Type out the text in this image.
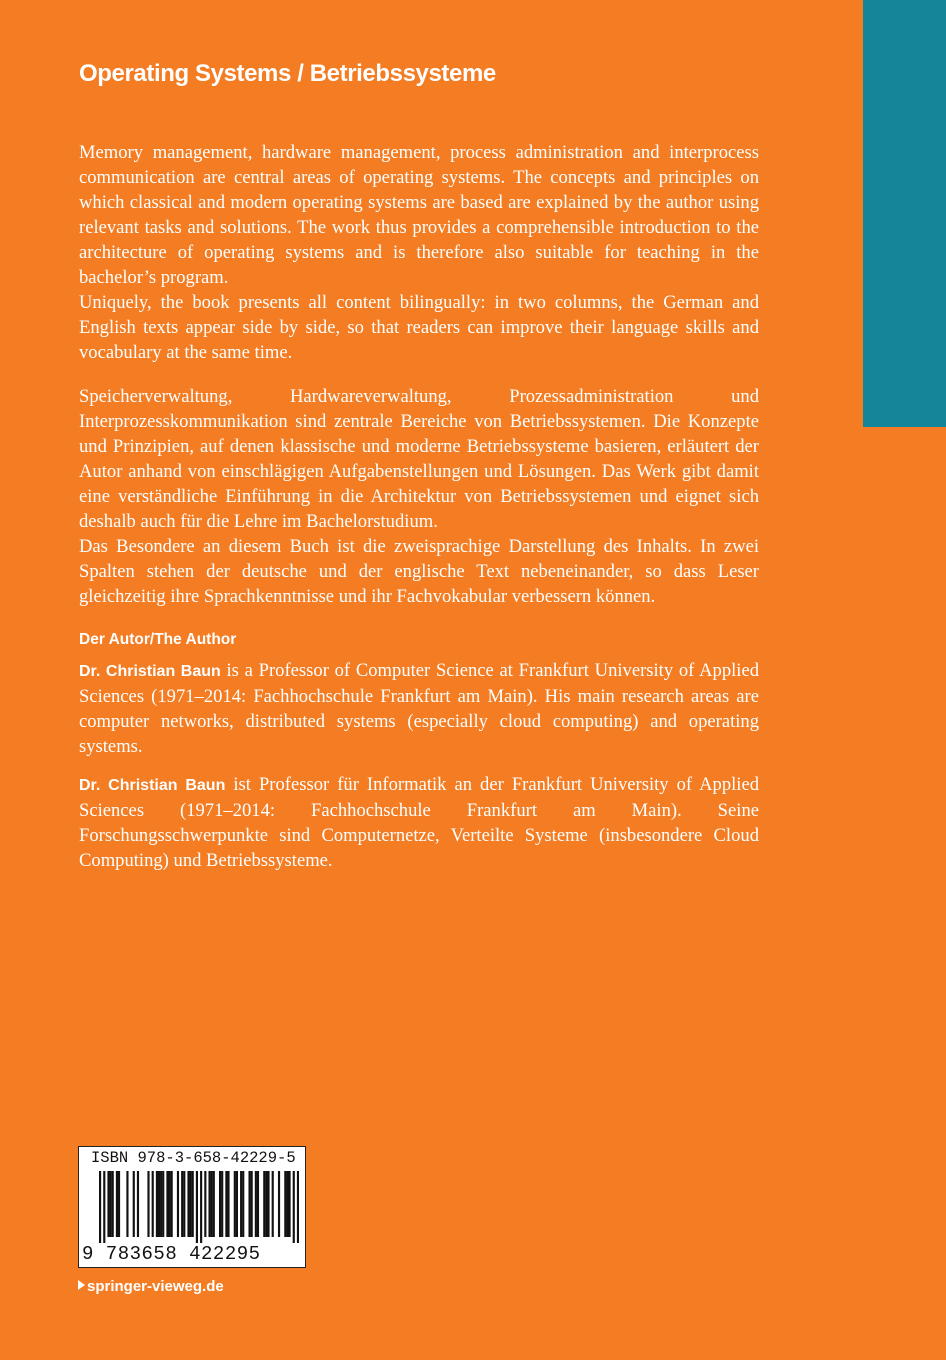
Operating Systems / Betriebssysteme

Memory management, hardware management, process administration and interprocess communication are central areas of operating systems. The concepts and principles on which classical and modern operating systems are based are explained by the author using relevant tasks and solutions. The work thus provides a comprehensible introduction to the architecture of operating systems and is therefore also suitable for teaching in the bachelor’s program.

Uniquely, the book presents all content bilingually: in two columns, the German and English texts appear side by side, so that readers can improve their language skills and vocabulary at the same time.

Speicherverwaltung, Hardwareverwaltung, Prozessadministration und Interprozesskommunikation sind zentrale Bereiche von Betriebssystemen. Die Konzepte und Prinzipien, auf denen klassische und moderne Betriebssysteme basieren, erläutert der Autor anhand von einschlägigen Aufgabenstellungen und Lösungen. Das Werk gibt damit eine verständliche Einführung in die Architektur von Betriebssystemen und eignet sich deshalb auch für die Lehre im Bachelorstudium.

Das Besondere an diesem Buch ist die zweisprachige Darstellung des Inhalts. In zwei Spalten stehen der deutsche und der englische Text nebeneinander, so dass Leser gleichzeitig ihre Sprachkenntnisse und ihr Fachvokabular verbessern können.

Der Autor/The Author

Dr. Christian Baun is a Professor of Computer Science at Frankfurt University of Applied Sciences (1971–2014: Fachhochschule Frankfurt am Main). His main research areas are computer networks, distributed systems (especially cloud computing) and operating systems.

Dr. Christian Baun ist Professor für Informatik an der Frankfurt University of Applied Sciences (1971–2014: Fachhochschule Frankfurt am Main). Seine Forschungsschwerpunkte sind Computernetze, Verteilte Systeme (insbesondere Cloud Computing) und Betriebssysteme.

ISBN 978-3-658-42229-5
9 783658 422295
springer-vieweg.de
